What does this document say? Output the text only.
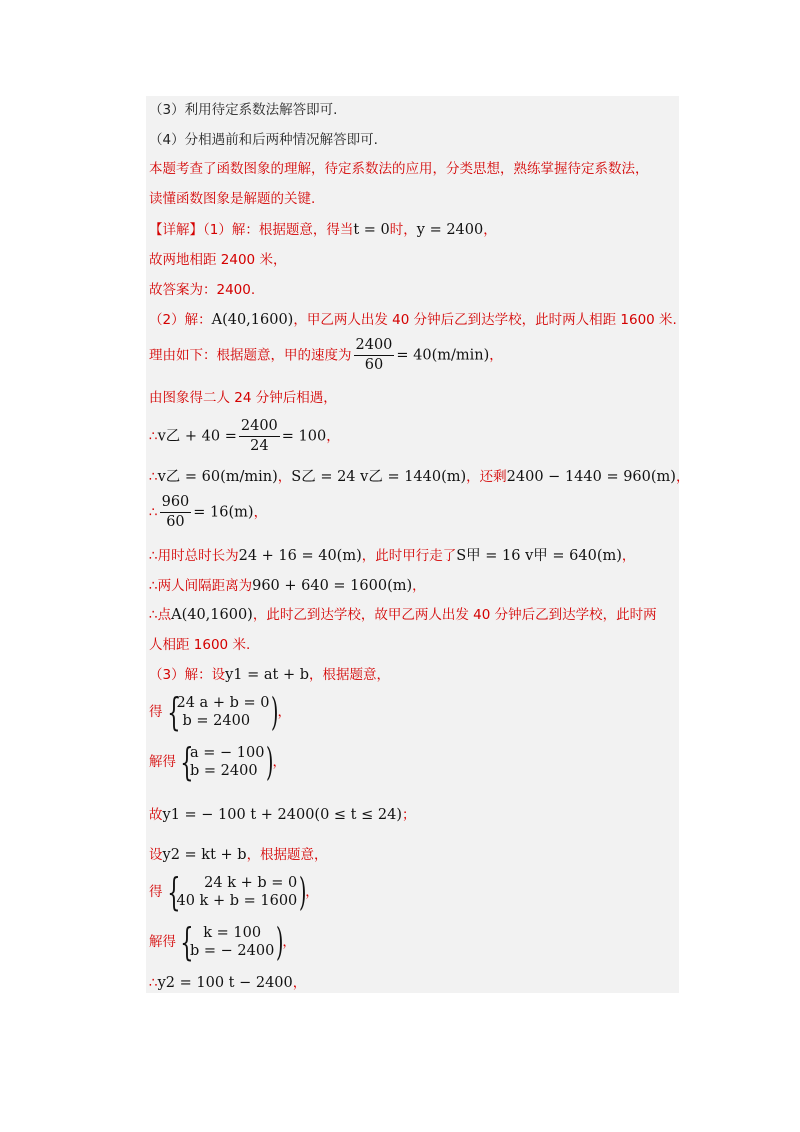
（3）利用待定系数法解答即可.
（4）分相遇前和后两种情况解答即可.
本题考查了函数图象的理解，待定系数法的应用，分类思想，熟练掌握待定系数法，
读懂函数图象是解题的关键.
【详解】（1）解：根据题意，得当t = 0时，y = 2400，
故两地相距 2400 米，
故答案为：2400.
（2）解：A(40,1600)，甲乙两人出发 40 分钟后乙到达学校，此时两人相距 1600 米.
理由如下：根据题意，甲的速度为 $\frac{2400}{60} = 40(m/\min)$，
由图象得二人 24 分钟后相遇，
∴v乙 + $40 = \frac{2400}{24} = 100$，
∴v乙 = 60(m/min)，S乙 = 24 v乙 = 1440(m)，还剩2400 − 1440 = 960(m)，
∴ $\frac{960}{60} = 16(m)$，
∴用时总时长为24 + 16 = 40(m)，此时甲行走了S甲 = 16 v甲 = 640(m)，
∴两人间隔距离为960 + 640 = 1600(m)，
∴点A(40,1600)，此时乙到达学校，故甲乙两人出发 40 分钟后乙到达学校，此时两
人相距 1600 米.
（3）解：设y1 = at + b，根据题意，
得 {
24 a + b = 0
b = 2400 )
，
解得 {
a = − 100
b = 2400 )
，
故y1 = − 100 t + 2400(0 ≤ t ≤ 24)；
设y2 = kt + b，根据题意，
得 {	24 k + b = 0
40 k + b = 1600 )
，
解得 { k = 100
b = − 2400 )
，
∴y2 = 100 t − 2400，
